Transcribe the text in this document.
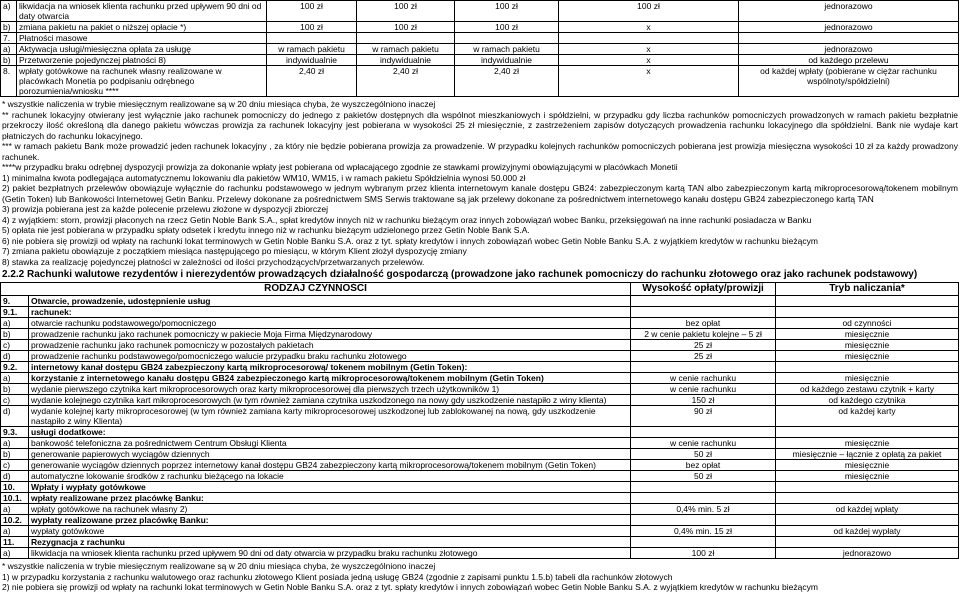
a)	likwidacja na wniosek klienta rachunku przed upływem 90 dni od daty otwarcia	100 zł	100 zł	100 zł	100 zł	jednorazowo
b)	zmiana pakietu na pakiet o niższej opłacie *)	100 zł	100 zł	100 zł	x	jednorazowo
7.	Płatności masowe					
a)	Aktywacja usługi/miesięczna opłata za usługę	w ramach pakietu	w ramach pakietu	w ramach pakietu	x	jednorazowo
b)	Przetworzenie pojedynczej płatności 8)	indywidualnie	indywidualnie	indywidualnie	x	od każdego przelewu
8.	wpłaty gotówkowe na rachunek własny realizowane w placówkach Monetia po podpisaniu odrębnego porozumienia/wniosku ****	2,40 zł	2,40 zł	2,40 zł	x	od każdej wpłaty (pobierane w ciężar rachunku wspólnoty/spółdzielni)

* wszystkie naliczenia w trybie miesięcznym realizowane są w 20 dniu miesiąca chyba, że wyszczególniono inaczej

** rachunek lokacyjny otwierany jest wyłącznie jako rachunek pomocniczy do jednego z pakietów dostępnych dla wspólnot mieszkaniowych i spółdzielni, w przypadku gdy liczba rachunków pomocniczych prowadzonych w ramach pakietu bezpłatnie przekroczy ilość określoną dla danego pakietu wówczas prowizja za rachunek lokacyjny jest pobierana w wysokości 25 zł miesięcznie, z zastrzeżeniem zapisów dotyczących prowadzenia rachunku lokacyjnego dla spółdzielni. Bank nie wydaje kart płatniczych do rachunku lokacyjnego.

*** w ramach pakietu Bank może prowadzić jeden rachunek lokacyjny , za który nie będzie pobierana prowizja za prowadzenie. W przypadku kolejnych rachunków pomocniczych pobierana jest prowizja miesięczna wysokości 10 zł za każdy prowadzony rachunek.

****w przypadku braku odrębnej dyspozycji prowizja za dokonanie wpłaty jest pobierana od wpłacającego zgodnie ze stawkami prowizyjnymi obowiązującymi w placówkach Monetii

1) minimalna kwota podlegająca automatycznemu lokowaniu dla pakietów WM10, WM15, i w ramach pakietu Spółdzielnia wynosi 50.000 zł

2) pakiet bezpłatnych przelewów obowiązuje wyłącznie do rachunku podstawowego w jednym wybranym przez klienta internetowym kanale dostępu GB24: zabezpieczonym kartą TAN albo zabezpieczonym kartą mikroprocesorową/tokenem mobilnym (Getin Token) lub Bankowości Internetowej Getin Banku. Przelewy dokonane za pośrednictwem SMS Serwis traktowane są jak przelewy dokonane za pośrednictwem internetowego kanału dostępu GB24 zabezpieczonego kartą TAN

3) prowizja pobierana jest za każde polecenie przelewu złożone w dyspozycji zbiorczej

4) z wyjątkiem: storn, prowizji płaconych na rzecz Getin Noble Bank S.A., spłat kredytów innych niż w rachunku bieżącym oraz innych zobowiązań wobec Banku, przeksięgowań na inne rachunki posiadacza w Banku

5) opłata nie jest pobierana w przypadku spłaty odsetek i kredytu innego niż w rachunku bieżącym udzielonego przez Getin Noble Bank S.A.

6) nie pobiera się prowizji od wpłaty na rachunki lokat terminowych w Getin Noble Banku S.A. oraz z tyt. spłaty kredytów i innych zobowiązań wobec Getin Noble Banku S.A. z wyjątkiem kredytów w rachunku bieżącym

7) zmiana pakietu obowiązuje z początkiem miesiąca następującego po miesiącu, w którym Klient złożył dyspozycję zmiany

8) stawka za realizację pojedynczej płatności w zależności od ilości przychodzących/przetwarzanych przelewów.

2.2.2 Rachunki walutowe rezydentów i nierezydentów prowadzących działalność gospodarczą (prowadzone jako rachunek pomocniczy do rachunku złotowego oraz jako rachunek podstawowy)
RODZAJ CZYNNOŚCI		Wysokość opłaty/prowizji	Tryb naliczania*
9.	Otwarcie, prowadzenie, udostępnienie usług		
9.1.	rachunek:		
a)	otwarcie rachunku podstawowego/pomocniczego	bez opłat	od czynności
b)	prowadzenie rachunku jako rachunek pomocniczy w pakiecie Moja Firma Międzynarodowy	2 w cenie pakietu kolejne – 5 zł	miesięcznie
c)	prowadzenie rachunku jako rachunek pomocniczy w pozostałych pakietach	25 zł	miesięcznie
d)	prowadzenie rachunku podstawowego/pomocniczego walucie przypadku braku rachunku złotowego	25 zł	miesięcznie
9.2.	internetowy kanał dostępu GB24 zabezpieczony kartą mikroprocesorową/ tokenem mobilnym (Getin Token):		
a)	korzystanie z internetowego kanału dostępu GB24 zabezpieczonego kartą mikroprocesorową/tokenem mobilnym (Getin Token)	w cenie rachunku	miesięcznie
b)	wydanie pierwszego czytnika kart mikroprocesorowych oraz karty mikroprocesorowej dla pierwszych trzech użytkowników 1)	w cenie rachunku	od każdego zestawu czytnik + karty
c)	wydanie kolejnego czytnika kart mikroprocesorowych (w tym również zamiana czytnika uszkodzonego na nowy gdy uszkodzenie nastąpiło z winy klienta)	150 zł	od każdego czytnika
d)	wydanie kolejnej karty mikroprocesorowej (w tym również zamiana karty mikroprocesorowej uszkodzonej lub zablokowanej na nową, gdy uszkodzenie nastąpiło z winy Klienta)	90 zł	od każdej karty
9.3.	usługi dodatkowe:		
a)	bankowość telefoniczna za pośrednictwem Centrum Obsługi Klienta	w cenie rachunku	miesięcznie
b)	generowanie papierowych wyciągów dziennych	50 zł	miesięcznie – łącznie z opłatą za pakiet
c)	generowanie wyciągów dziennych poprzez internetowy kanał dostępu GB24 zabezpieczony kartą mikroprocesorową/tokenem mobilnym (Getin Token)	bez opłat	miesięcznie
d)	automatyczne lokowanie środków z rachunku bieżącego na lokacie	50 zł	miesięcznie
10.	Wpłaty i wypłaty gotówkowe		
10.1.	wpłaty realizowane przez placówkę Banku:		
a)	wpłaty gotówkowe na rachunek własny 2)	0,4% min. 5 zł	od każdej wpłaty
10.2.	wypłaty realizowane przez placówkę Banku:		
a)	wypłaty gotówkowe	0,4% min. 15 zł	od każdej wypłaty
11.	Rezygnacja z rachunku		
a)	likwidacja na wniosek klienta rachunku przed upływem 90 dni od daty otwarcia w przypadku braku rachunku złotowego	100 zł	jednorazowo

* wszystkie naliczenia w trybie miesięcznym realizowane są w 20 dniu miesiąca chyba, że wyszczególniono inaczej

1) w przypadku korzystania z rachunku walutowego oraz rachunku złotowego Klient posiada jedną usługę GB24 (zgodnie z zapisami punktu 1.5.b) tabeli dla rachunków złotowych

2) nie pobiera się prowizji od wpłaty na rachunki lokat terminowych w Getin Noble Banku S.A. oraz z tyt. spłaty kredytów i innych zobowiązań wobec Getin Noble Banku S.A. z wyjątkiem kredytów w rachunku bieżącym
